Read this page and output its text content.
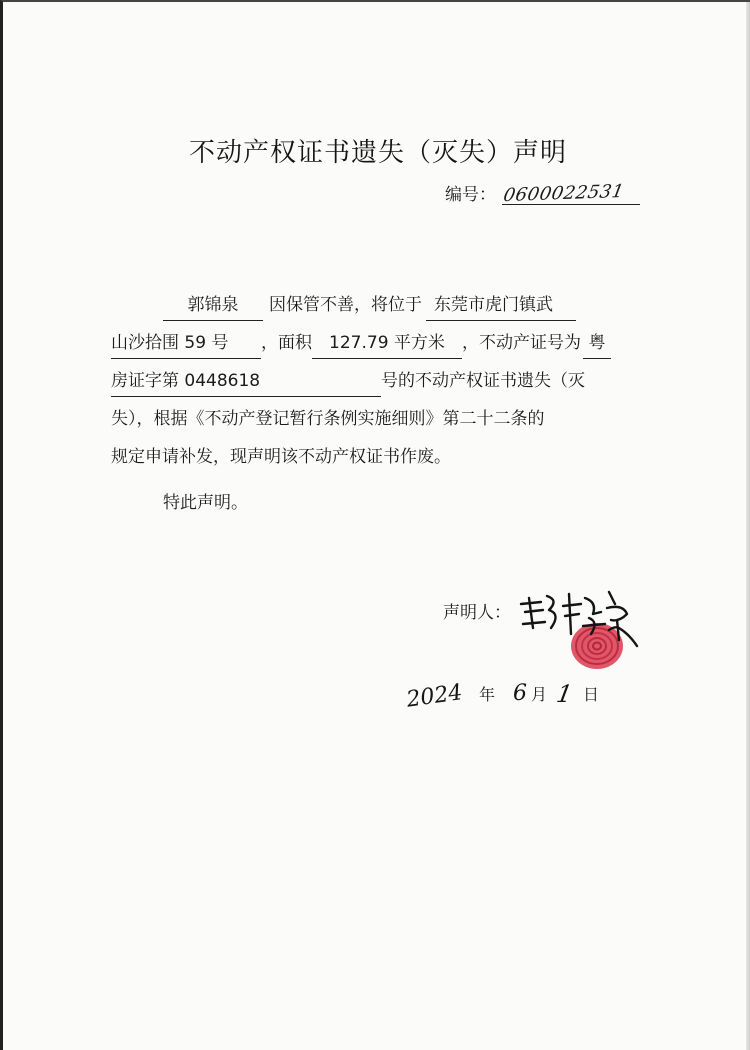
不动产权证书遗失（灭失）声明
编号： 0600022531
郭锦泉 因保管不善，将位于 东莞市虎门镇武
山沙拾围 59 号 ，面积 127.79 平方米 ，不动产证号为 粤
房证字第 0448618	号的不动产权证书遗失（灭
失），根据《不动产登记暂行条例实施细则》第二十二条的
规定申请补发，现声明该不动产权证书作废。
特此声明。
声明人：
2024 年 6 月 1 日
